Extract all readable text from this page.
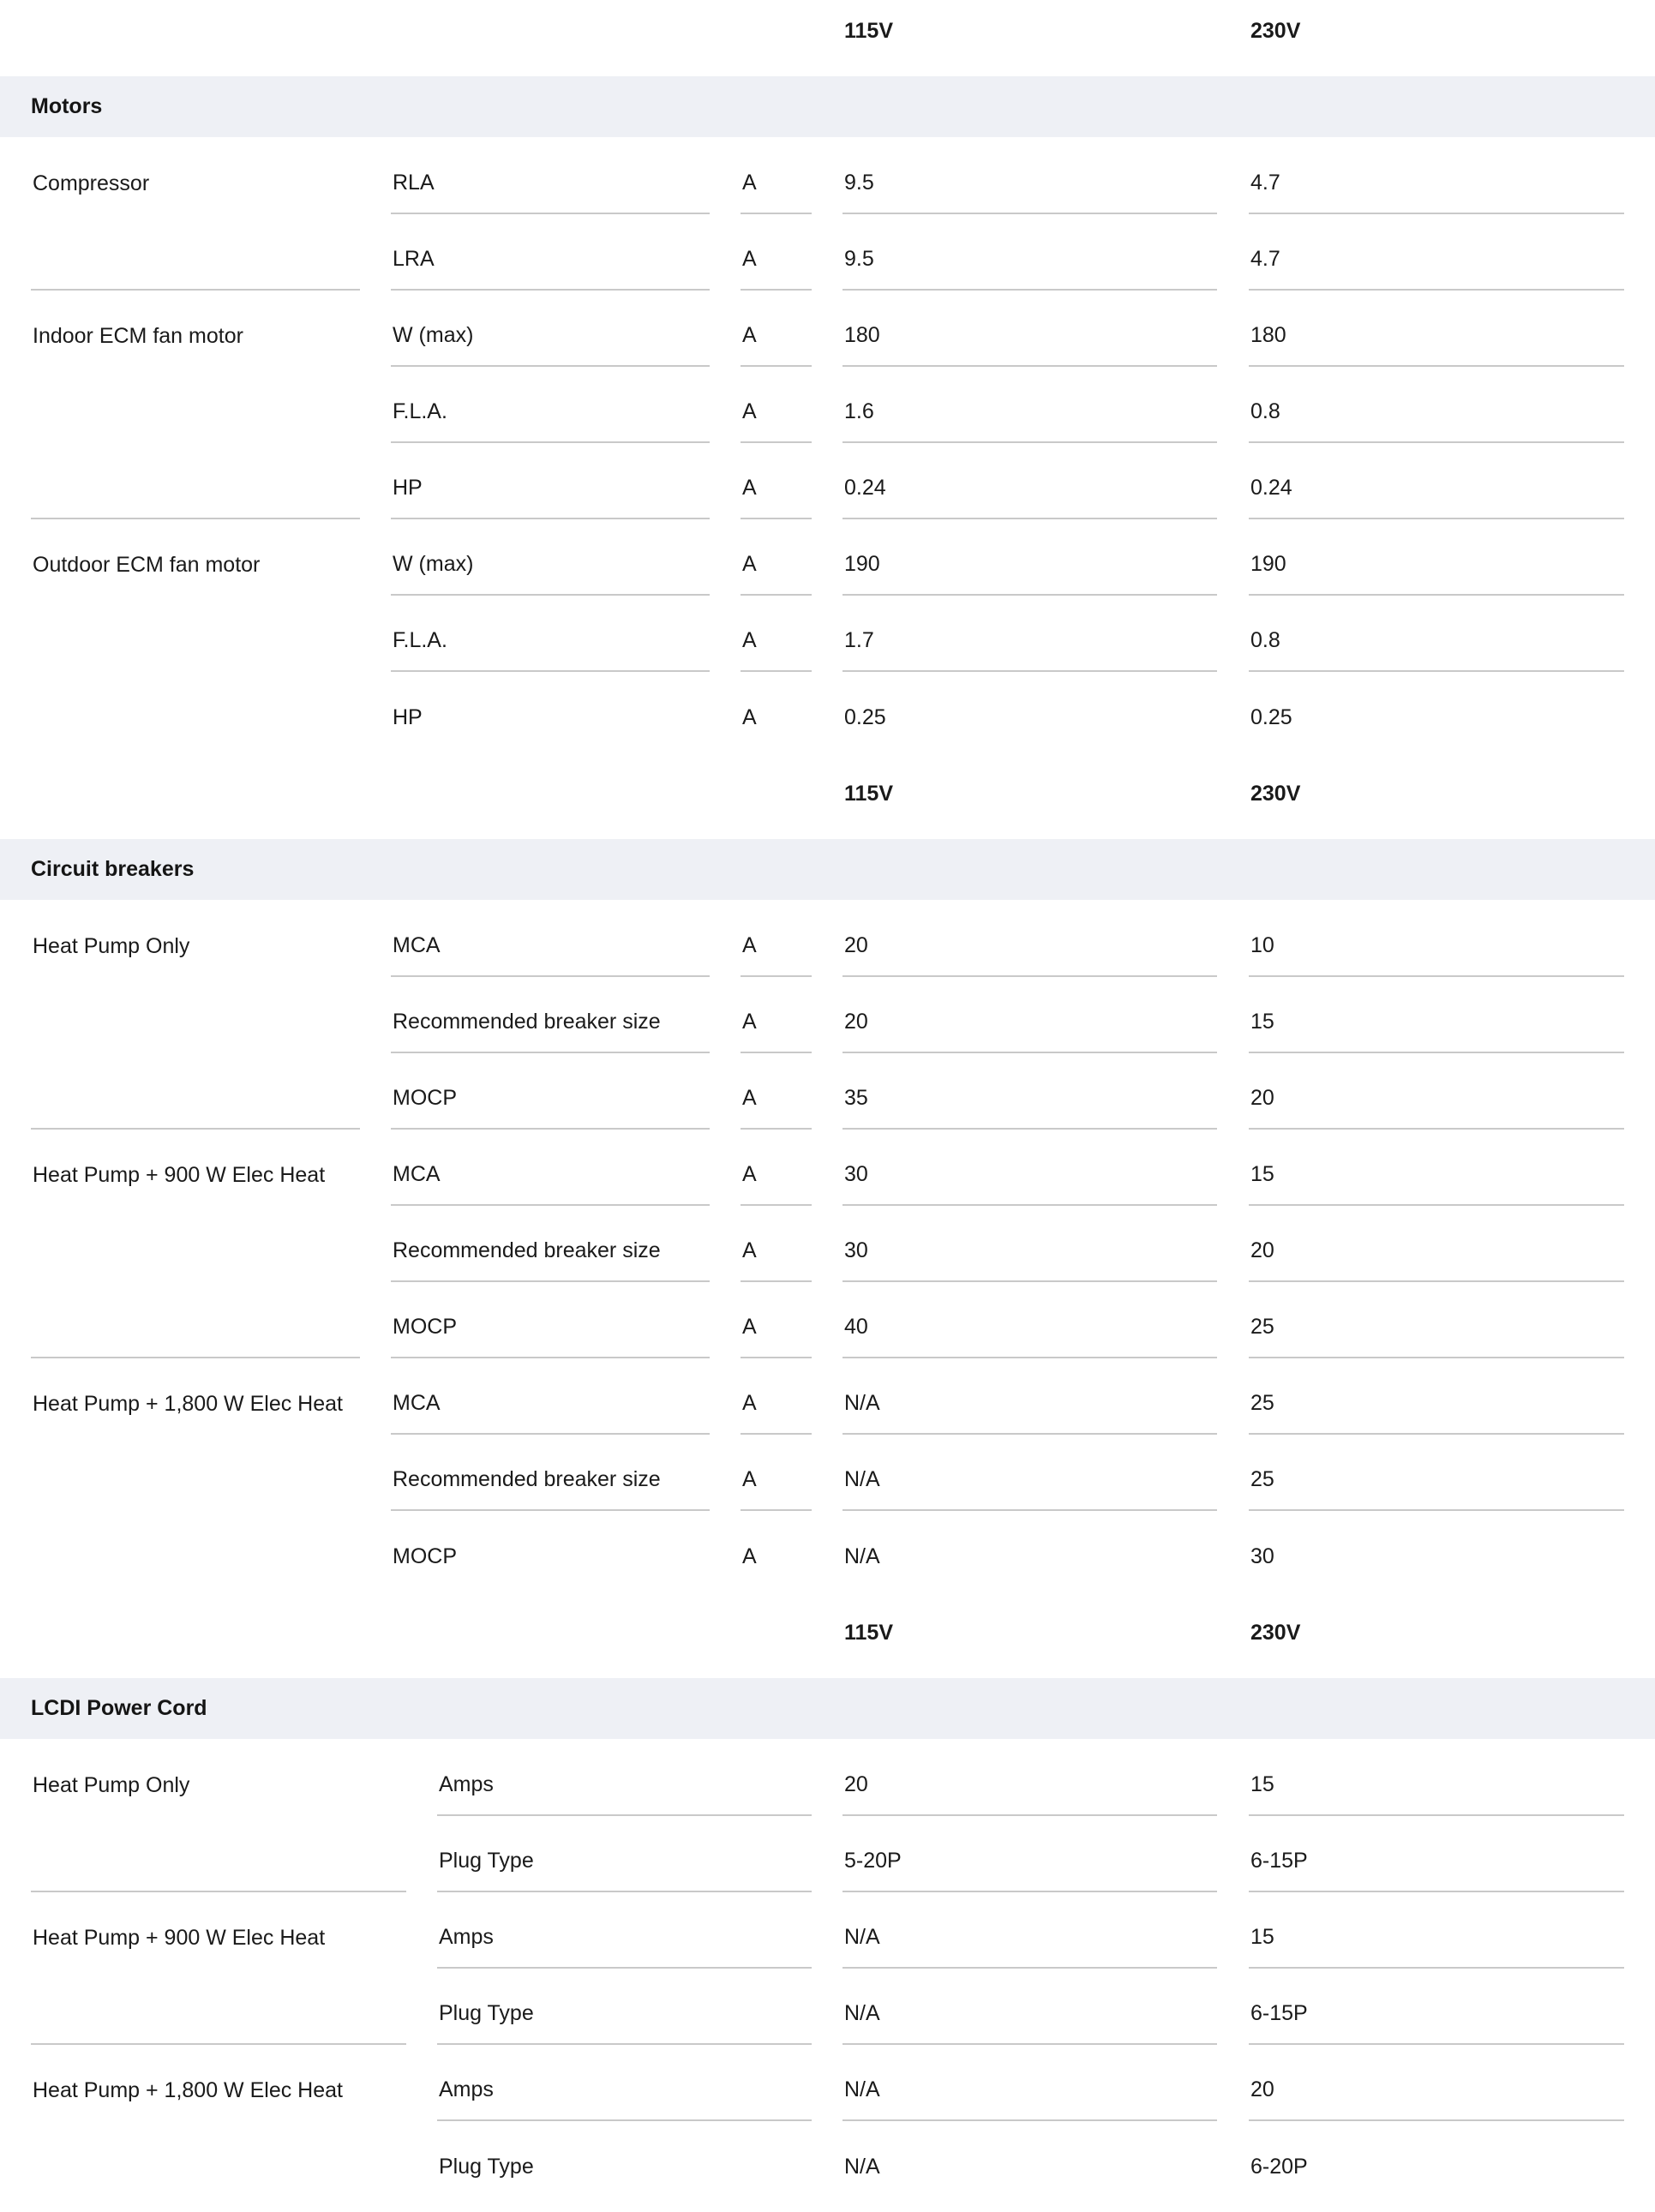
115V	230V
Motors
Compressor	RLA	A	9.5	4.7
LRA	A	9.5	4.7
Indoor ECM fan motor	W (max)	A	180	180
F.L.A.	A	1.6	0.8
HP	A	0.24	0.24
Outdoor ECM fan motor	W (max)	A	190	190
F.L.A.	A	1.7	0.8
HP	A	0.25	0.25
115V	230V
Circuit breakers
Heat Pump Only	MCA	A	20	10
Recommended breaker size	A	20	15
MOCP	A	35	20
Heat Pump + 900 W Elec Heat	MCA	A	30	15
Recommended breaker size	A	30	20
MOCP	A	40	25
Heat Pump + 1,800 W Elec Heat	MCA	A	N/A	25
Recommended breaker size	A	N/A	25
MOCP	A	N/A	30
115V	230V
LCDI Power Cord
Heat Pump Only	Amps	20	15
Plug Type	5-20P	6-15P
Heat Pump + 900 W Elec Heat	Amps	N/A	15
Plug Type	N/A	6-15P
Heat Pump + 1,800 W Elec Heat	Amps	N/A	20
Plug Type	N/A	6-20P
